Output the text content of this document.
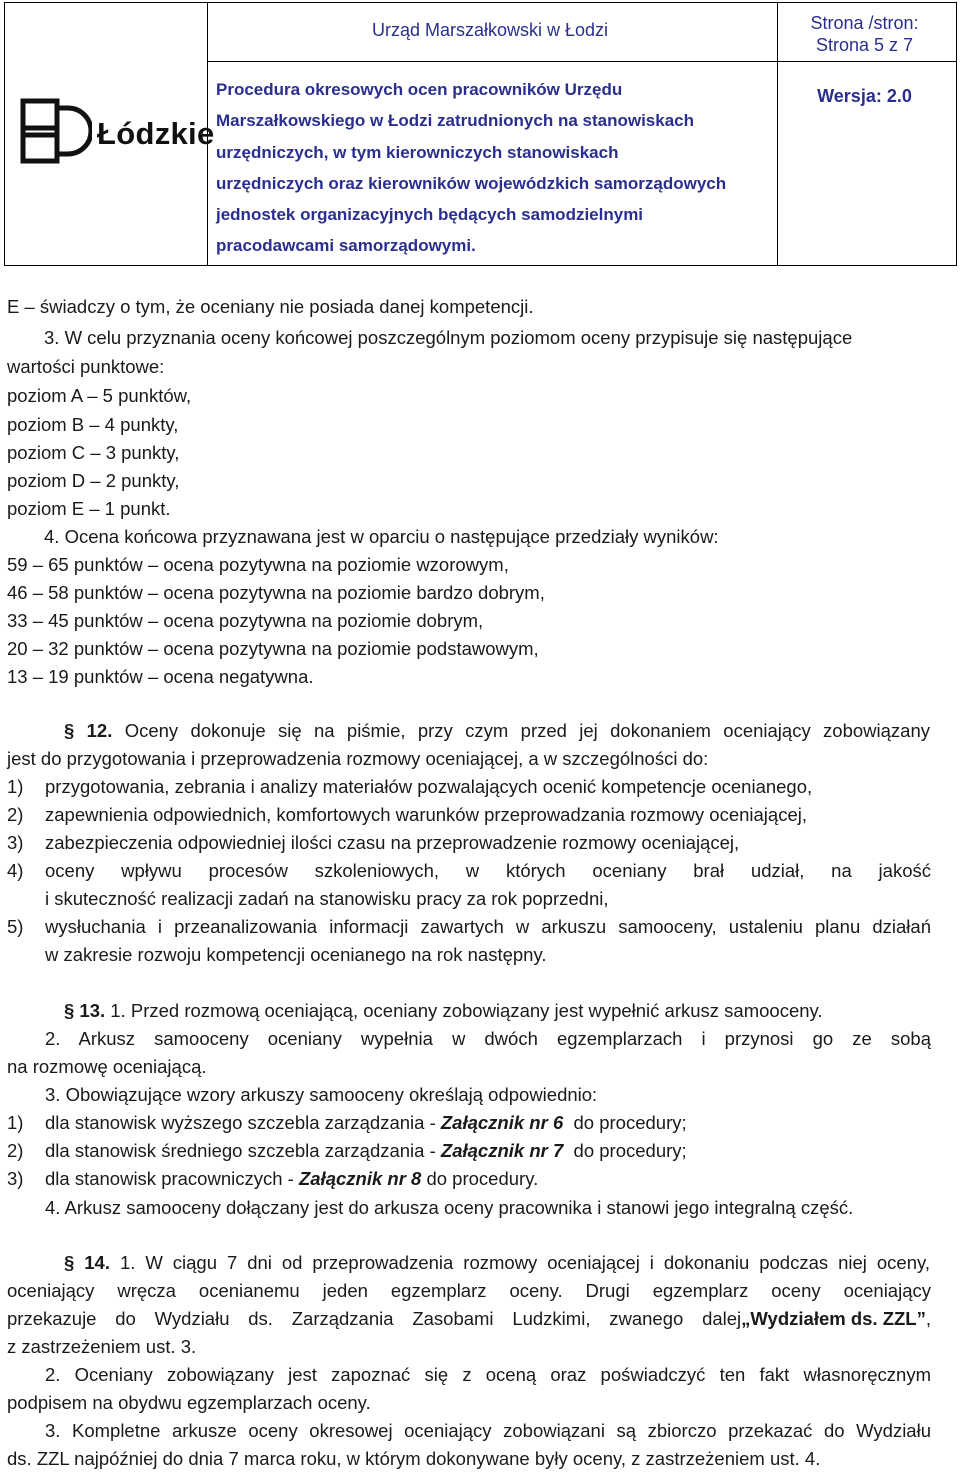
Łódzkie
Urząd Marszałkowski w Łodzi	Strona /stron:
Strona 5 z 7
Procedura okresowych ocen pracowników Urzędu
Marszałkowskiego w Łodzi zatrudnionych na stanowiskach
urzędniczych, w tym kierowniczych stanowiskach
urzędniczych oraz kierowników wojewódzkich samorządowych
jednostek organizacyjnych będących samodzielnymi
pracodawcami samorządowymi.
Wersja: 2.0
E – świadczy o tym, że oceniany nie posiada danej kompetencji.
3. W celu przyznania oceny końcowej poszczególnym poziomom oceny przypisuje się następujące
wartości punktowe:
poziom A – 5 punktów,
poziom B – 4 punkty,
poziom C – 3 punkty,
poziom D – 2 punkty,
poziom E – 1 punkt.
4. Ocena końcowa przyznawana jest w oparciu o następujące przedziały wyników:
59 – 65 punktów – ocena pozytywna na poziomie wzorowym,
46 – 58 punktów – ocena pozytywna na poziomie bardzo dobrym,
33 – 45 punktów – ocena pozytywna na poziomie dobrym,
20 – 32 punktów – ocena pozytywna na poziomie podstawowym,
13 – 19 punktów – ocena negatywna.
§ 12. Oceny dokonuje się na piśmie, przy czym przed jej dokonaniem oceniający zobowiązany
jest do przygotowania i przeprowadzenia rozmowy oceniającej, a w szczególności do:
1) przygotowania, zebrania i analizy materiałów pozwalających ocenić kompetencje ocenianego,
2) zapewnienia odpowiednich, komfortowych warunków przeprowadzania rozmowy oceniającej,
3) zabezpieczenia odpowiedniej ilości czasu na przeprowadzenie rozmowy oceniającej,
4)	oceny wpływu procesów szkoleniowych, w których oceniany brał udział, na jakość
i skuteczność realizacji zadań na stanowisku pracy za rok poprzedni,
5)	wysłuchania i przeanalizowania informacji zawartych w arkuszu samooceny, ustaleniu planu działań
w zakresie rozwoju kompetencji ocenianego na rok następny.
§ 13. 1. Przed rozmową oceniającą, oceniany zobowiązany jest wypełnić arkusz samooceny.
2. Arkusz samooceny oceniany wypełnia w dwóch egzemplarzach i przynosi go ze sobą
na rozmowę oceniającą.
3. Obowiązujące wzory arkuszy samooceny określają odpowiednio:
1) dla stanowisk wyższego szczebla zarządzania - Załącznik nr 6  do procedury;
2) dla stanowisk średniego szczebla zarządzania - Załącznik nr 7  do procedury;
3) dla stanowisk pracowniczych - Załącznik nr 8 do procedury.
4. Arkusz samooceny dołączany jest do arkusza oceny pracownika i stanowi jego integralną część.
§ 14. 1. W ciągu 7 dni od przeprowadzenia rozmowy oceniającej i dokonaniu podczas niej oceny,
oceniający wręcza ocenianemu jeden egzemplarz oceny. Drugi egzemplarz oceny oceniający
przekazuje do Wydziału ds. Zarządzania Zasobami Ludzkimi, zwanego dalej „Wydziałem ds. ZZL” ,
z zastrzeżeniem ust. 3.
2. Oceniany zobowiązany jest zapoznać się z oceną oraz poświadczyć ten fakt własnoręcznym
podpisem na obydwu egzemplarzach oceny.
3. Kompletne arkusze oceny okresowej oceniający zobowiązani są zbiorczo przekazać do Wydziału
ds. ZZL najpóźniej do dnia 7 marca roku, w którym dokonywane były oceny, z zastrzeżeniem ust. 4.
